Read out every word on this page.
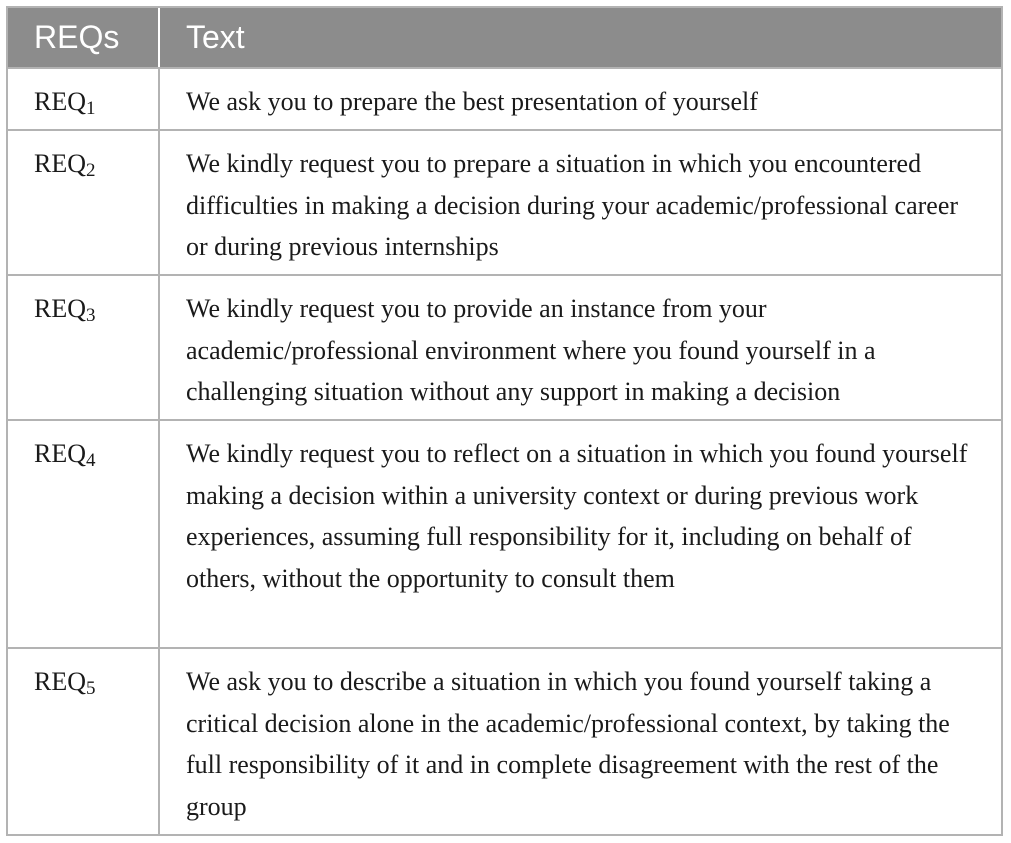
REQs	Text
$REQ_1$	We ask you to prepare the best presentation of yourself
$REQ_2$	We kindly request you to prepare a situation in which you encountered difficulties in making a decision during your academic/professional career or during previous internships
$REQ_3$	We kindly request you to provide an instance from your academic/professional environment where you found yourself in a challenging situation without any support in making a decision
$REQ_4$	We kindly request you to reflect on a situation in which you found yourself making a decision within a university context or during previous work experiences, assuming full responsibility for it, including on behalf of others, without the opportunity to consult them
$REQ_5$	We ask you to describe a situation in which you found yourself taking a critical decision alone in the academic/professional context, by taking the full responsibility of it and in complete disagreement with the rest of the group
